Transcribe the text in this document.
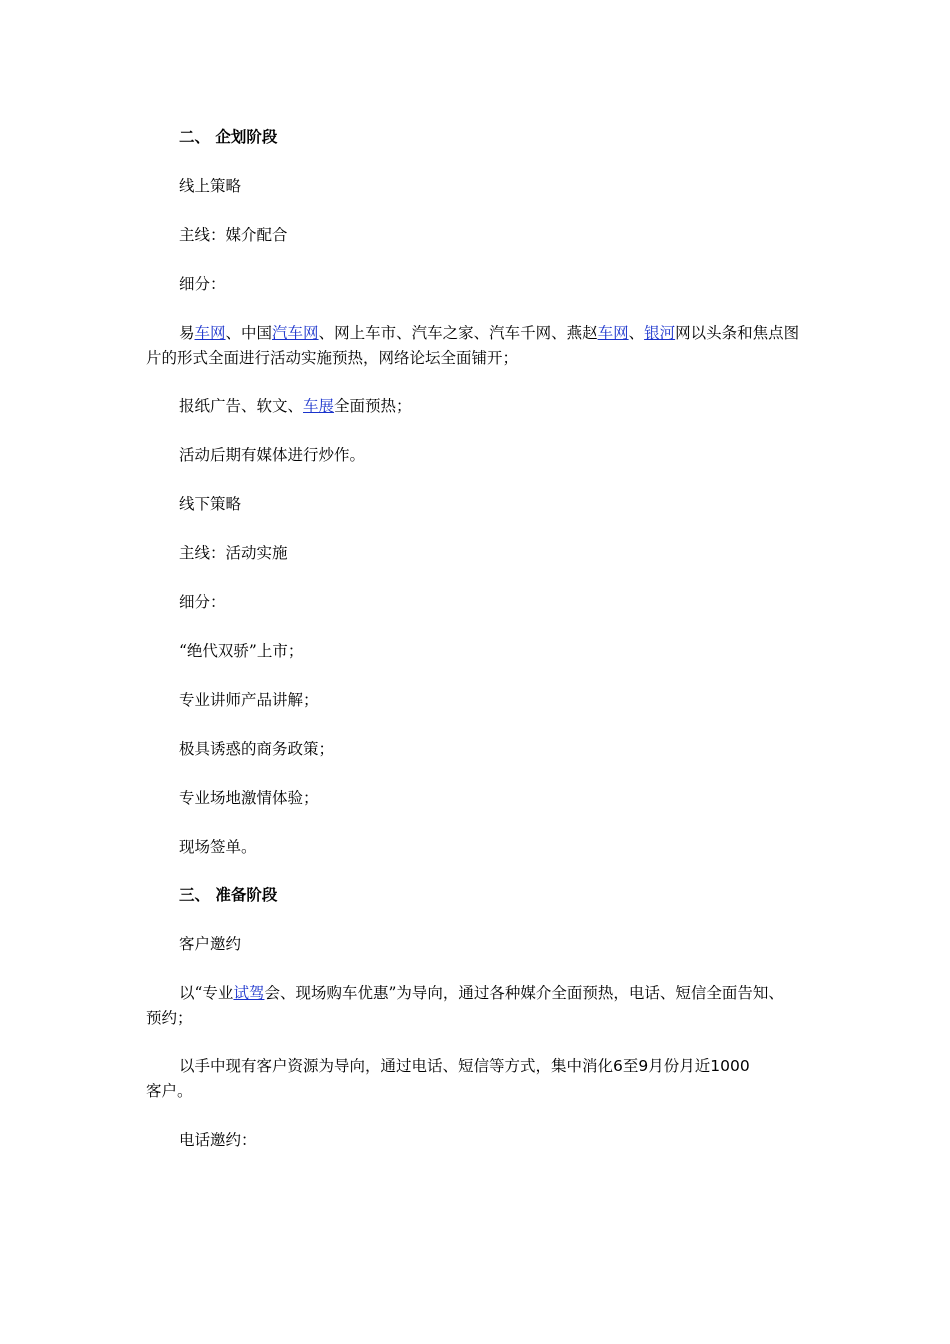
二、 企划阶段
线上策略
主线：媒介配合
细分：
易车网、中国汽车网、网上车市、汽车之家、汽车千网、燕赵车网、银河网以头条和焦点图
片的形式全面进行活动实施预热，网络论坛全面铺开；
报纸广告、软文、车展全面预热；
活动后期有媒体进行炒作。
线下策略
主线：活动实施
细分：
“绝代双骄”上市；
专业讲师产品讲解；
极具诱惑的商务政策；
专业场地激情体验；
现场签单。
三、 准备阶段
客户邀约
以“专业试驾会、现场购车优惠”为导向，通过各种媒介全面预热，电话、短信全面告知、
预约；
以手中现有客户资源为导向，通过电话、短信等方式，集中消化6至9月份月近1000
客户。
电话邀约：
